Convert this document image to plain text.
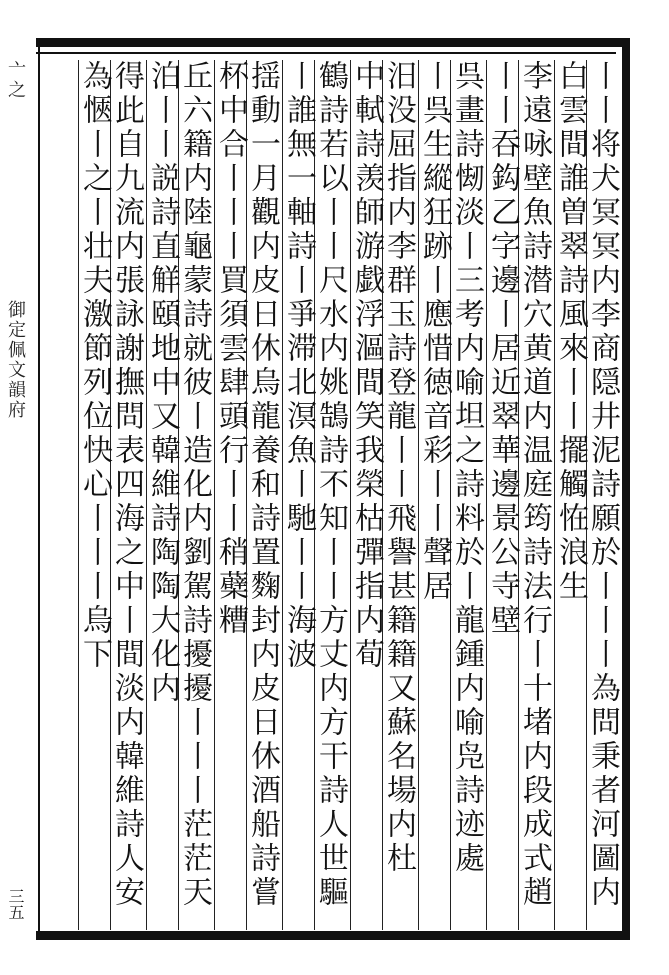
亠之
御定佩文韻府
三五	丨丨将犬冥冥内李商隠井泥詩願於丨丨丨為問秉者河圖内
白雲間誰曽翠詩風來丨丨擺觸恠浪生
李遠咏壁魚詩潜穴黄道内温庭筠詩法行丨十堵内段成式趙
丨丨吞鈎乙字邊丨居近翠華邊景公寺壁
呉畫詩㥘淡丨三考内喻坦之詩料於丨龍鍾内喻凫詩迹處
丨呉生縱狂跡丨應惜徳音彩丨丨聲居
汨没屈指内李群玉詩登龍丨丨飛譽甚籍籍又蘇名場内杜
中軾詩羡師游戯浮漚間笑我榮枯彈指内荀
鶴詩若以丨丨尺水内姚鵠詩不知丨丨方丈内方干詩人世驅
丨誰無一軸詩丨爭滞北溟魚丨馳丨丨海波
揺動一月觀内皮日休烏龍養和詩置麴封内皮日休酒船詩嘗
杯中合丨丨丨買須雲肆頭行丨丨稍蘗糟
丘六籍内陸龜蒙詩就彼丨造化内劉駕詩擾擾丨丨丨茫茫天
泊丨丨説詩直觧頤地中又韓維詩陶陶大化内
得此自九流内張詠謝撫問表四海之中丨間淡内韓維詩人安
為愜丨之丨壮夫激節列位快心丨丨丨烏下
